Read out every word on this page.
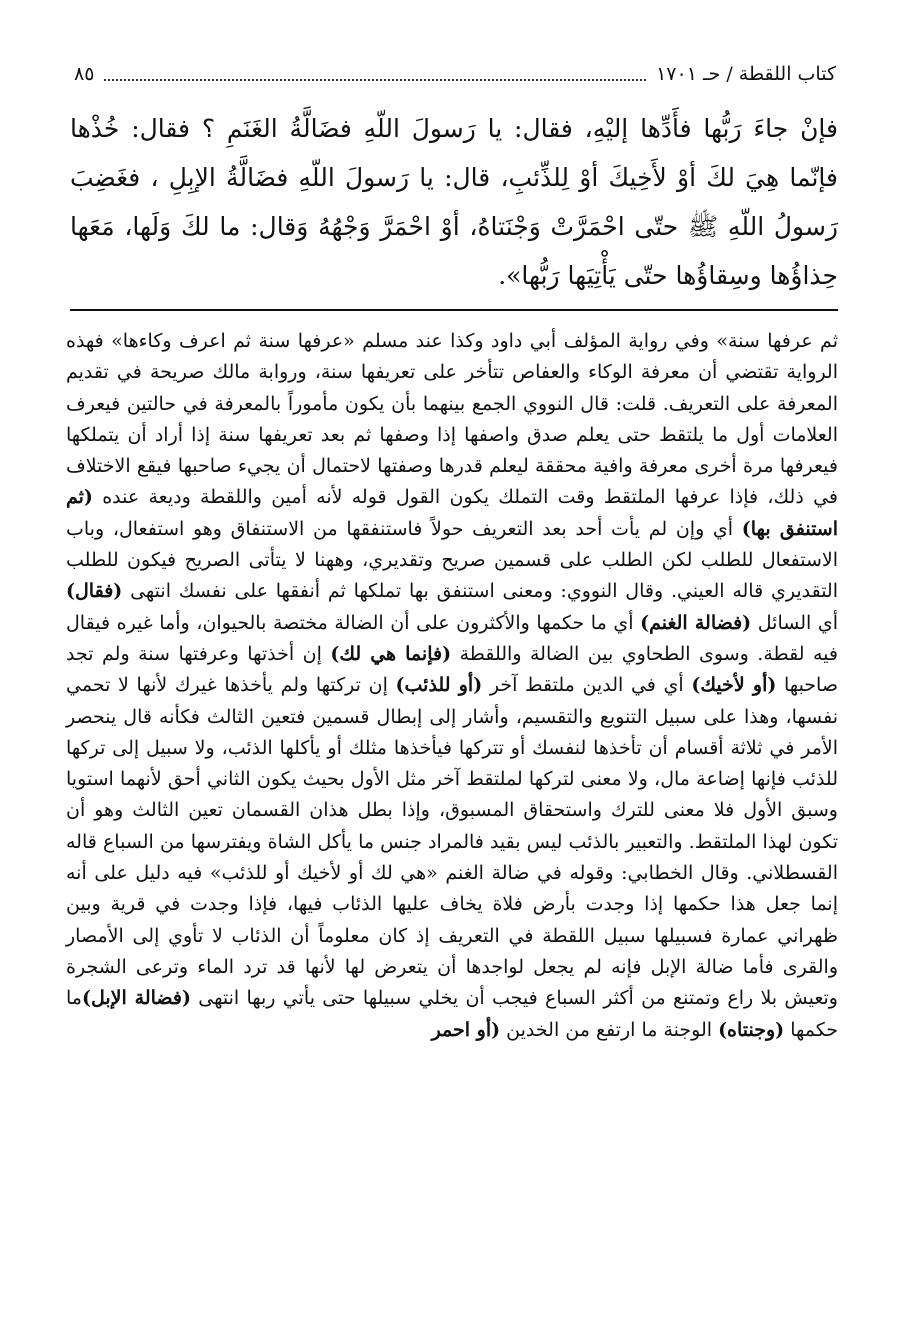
كتاب اللقطة / حـ ١٧٠١
٨٥
فإنْ جاءَ رَبُّها فأَدِّها إليْهِ، فقال: يا رَسولَ اللّهِ فضَالَّةُ الغَنَمِ ؟ فقال: خُذْها فإنّما هِيَ لكَ أوْ لأَخِيكَ أوْ لِلذِّئبِ، قال: يا رَسولَ اللّهِ فضَالَّةُ الإبِلِ ، فغَضِبَ رَسولُ اللّهِ ﷺ حتّى احْمَرَّتْ وَجْنَتاهُ، أوْ احْمَرَّ وَجْهُهُ وَقال: ما لكَ وَلَها، مَعَها حِذاؤُها وسِقاؤُها حتّى يَأْتِيَها رَبُّها».

ثم عرفها سنة» وفي رواية المؤلف أبي داود وكذا عند مسلم «عرفها سنة ثم اعرف وكاءها» فهذه الرواية تقتضي أن معرفة الوكاء والعفاص تتأخر على تعريفها سنة، وروابة مالك صريحة في تقديم المعرفة على التعريف. قلت: قال النووي الجمع بينهما بأن يكون مأموراً بالمعرفة في حالتين فيعرف العلامات أول ما يلتقط حتى يعلم صدق واصفها إذا وصفها ثم بعد تعريفها سنة إذا أراد أن يتملكها فيعرفها مرة أخرى معرفة وافية محققة ليعلم قدرها وصفتها لاحتمال أن يجيء صاحبها فيقع الاختلاف في ذلك، فإذا عرفها الملتقط وقت التملك يكون القول قوله لأنه أمين واللقطة وديعة عنده (ثم استنفق بها) أي وإن لم يأت أحد بعد التعريف حولاً فاستنفقها من الاستنفاق وهو استفعال، وباب الاستفعال للطلب لكن الطلب على قسمين صريح وتقديري، وههنا لا يتأتى الصريح فيكون للطلب التقديري قاله العيني. وقال النووي: ومعنى استنفق بها تملكها ثم أنفقها على نفسك انتهى (فقال) أي السائل (فضالة الغنم) أي ما حكمها والأكثرون على أن الضالة مختصة بالحيوان، وأما غيره فيقال فيه لقطة. وسوى الطحاوي بين الضالة واللقطة (فإنما هي لك) إن أخذتها وعرفتها سنة ولم تجد صاحبها (أو لأخيك) أي في الدين ملتقط آخر (أو للذئب) إن تركتها ولم يأخذها غيرك لأنها لا تحمي نفسها، وهذا على سبيل التنويع والتقسيم، وأشار إلى إبطال قسمين فتعين الثالث فكأنه قال ينحصر الأمر في ثلاثة أقسام أن تأخذها لنفسك أو تتركها فيأخذها مثلك أو يأكلها الذئب، ولا سبيل إلى تركها للذئب فإنها إضاعة مال، ولا معنى لتركها لملتقط آخر مثل الأول بحيث يكون الثاني أحق لأنهما استويا وسبق الأول فلا معنى للترك واستحقاق المسبوق، وإذا بطل هذان القسمان تعين الثالث وهو أن تكون لهذا الملتقط. والتعبير بالذئب ليس بقيد فالمراد جنس ما يأكل الشاة ويفترسها من السباع قاله القسطلاني. وقال الخطابي: وقوله في ضالة الغنم «هي لك أو لأخيك أو للذئب» فيه دليل على أنه إنما جعل هذا حكمها إذا وجدت بأرض فلاة يخاف عليها الذئاب فيها، فإذا وجدت في قرية وبين ظهراني عمارة فسبيلها سبيل اللقطة في التعريف إذ كان معلوماً أن الذئاب لا تأوي إلى الأمصار والقرى فأما ضالة الإبل فإنه لم يجعل لواجدها أن يتعرض لها لأنها قد ترد الماء وترعى الشجرة وتعيش بلا راع وتمتنع من أكثر السباع فيجب أن يخلي سبيلها حتى يأتي ربها انتهى (فضالة الإبل)ما حكمها (وجنتاه) الوجنة ما ارتفع من الخدين (أو احمر
